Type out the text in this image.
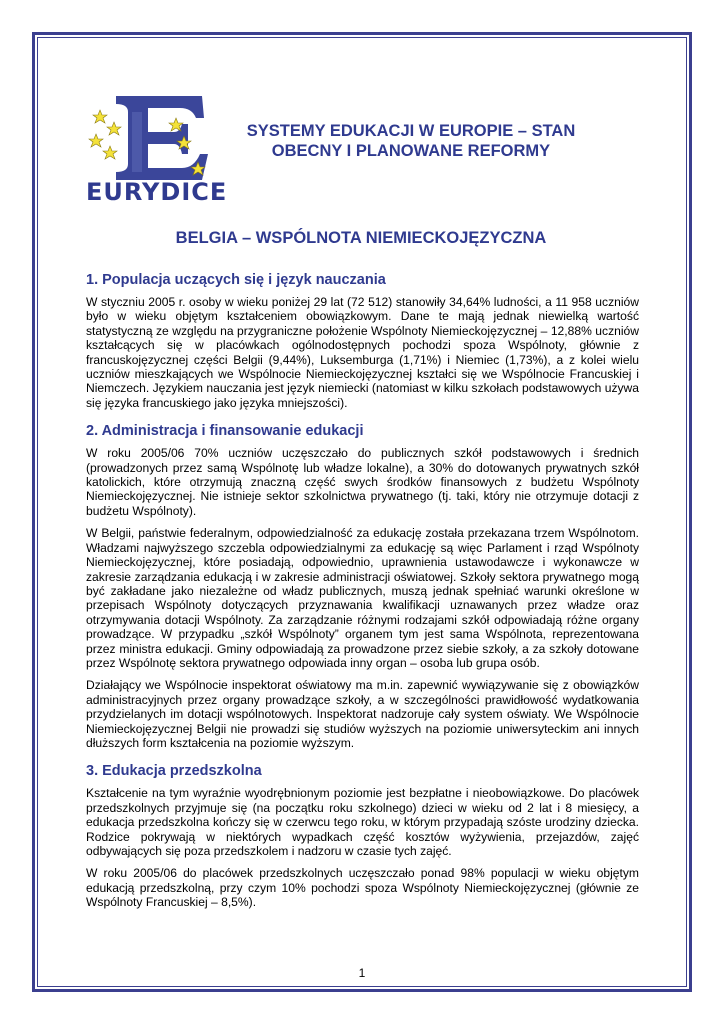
EURYDICE
SYSTEMY EDUKACJI W EUROPIE – STAN
OBECNY I PLANOWANE REFORMY
BELGIA – WSPÓLNOTA NIEMIECKOJĘZYCZNA
1. Populacja uczących się i język nauczania

W styczniu 2005 r. osoby w wieku poniżej 29 lat (72 512) stanowiły 34,64% ludności, a 11 958 uczniów było w wieku objętym kształceniem obowiązkowym. Dane te mają jednak niewielką wartość statystyczną ze względu na przygraniczne położenie Wspólnoty Niemieckojęzycznej – 12,88% uczniów kształcących się w placówkach ogólnodostępnych pochodzi spoza Wspólnoty, głównie z francuskojęzycznej części Belgii (9,44%), Luksemburga (1,71%) i Niemiec (1,73%), a z kolei wielu uczniów mieszkających we Wspólnocie Niemieckojęzycznej kształci się we Wspólnocie Francuskiej i Niemczech. Językiem nauczania jest język niemiecki (natomiast w kilku szkołach podstawowych używa się języka francuskiego jako języka mniejszości).

2. Administracja i finansowanie edukacji

W roku 2005/06 70% uczniów uczęszczało do publicznych szkół podstawowych i średnich (prowadzonych przez samą Wspólnotę lub władze lokalne), a 30% do dotowanych prywatnych szkół katolickich, które otrzymują znaczną część swych środków finansowych z budżetu Wspólnoty Niemieckojęzycznej. Nie istnieje sektor szkolnictwa prywatnego (tj. taki, który nie otrzymuje dotacji z budżetu Wspólnoty).

W Belgii, państwie federalnym, odpowiedzialność za edukację została przekazana trzem Wspólnotom. Władzami najwyższego szczebla odpowiedzialnymi za edukację są więc Parlament i rząd Wspólnoty Niemieckojęzycznej, które posiadają, odpowiednio, uprawnienia ustawodawcze i wykonawcze w zakresie zarządzania edukacją i w zakresie administracji oświatowej. Szkoły sektora prywatnego mogą być zakładane jako niezależne od władz publicznych, muszą jednak spełniać warunki określone w przepisach Wspólnoty dotyczących przyznawania kwalifikacji uznawanych przez władze oraz otrzymywania dotacji Wspólnoty. Za zarządzanie różnymi rodzajami szkół odpowiadają różne organy prowadzące. W przypadku „szkół Wspólnoty” organem tym jest sama Wspólnota, reprezentowana przez ministra edukacji. Gminy odpowiadają za prowadzone przez siebie szkoły, a za szkoły dotowane przez Wspólnotę sektora prywatnego odpowiada inny organ – osoba lub grupa osób.

Działający we Wspólnocie inspektorat oświatowy ma m.in. zapewnić wywiązywanie się z obowiązków administracyjnych przez organy prowadzące szkoły, a w szczególności prawidłowość wydatkowania przydzielanych im dotacji wspólnotowych. Inspektorat nadzoruje cały system oświaty. We Wspólnocie Niemieckojęzycznej Belgii nie prowadzi się studiów wyższych na poziomie uniwersyteckim ani innych dłuższych form kształcenia na poziomie wyższym.

3. Edukacja przedszkolna

Kształcenie na tym wyraźnie wyodrębnionym poziomie jest bezpłatne i nieobowiązkowe. Do placówek przedszkolnych przyjmuje się (na początku roku szkolnego) dzieci w wieku od 2 lat i 8 miesięcy, a edukacja przedszkolna kończy się w czerwcu tego roku, w którym przypadają szóste urodziny dziecka. Rodzice pokrywają w niektórych wypadkach część kosztów wyżywienia, przejazdów, zajęć odbywających się poza przedszkolem i nadzoru w czasie tych zajęć.

W roku 2005/06 do placówek przedszkolnych uczęszczało ponad 98% populacji w wieku objętym edukacją przedszkolną, przy czym 10% pochodzi spoza Wspólnoty Niemieckojęzycznej (głównie ze Wspólnoty Francuskiej – 8,5%).

1
